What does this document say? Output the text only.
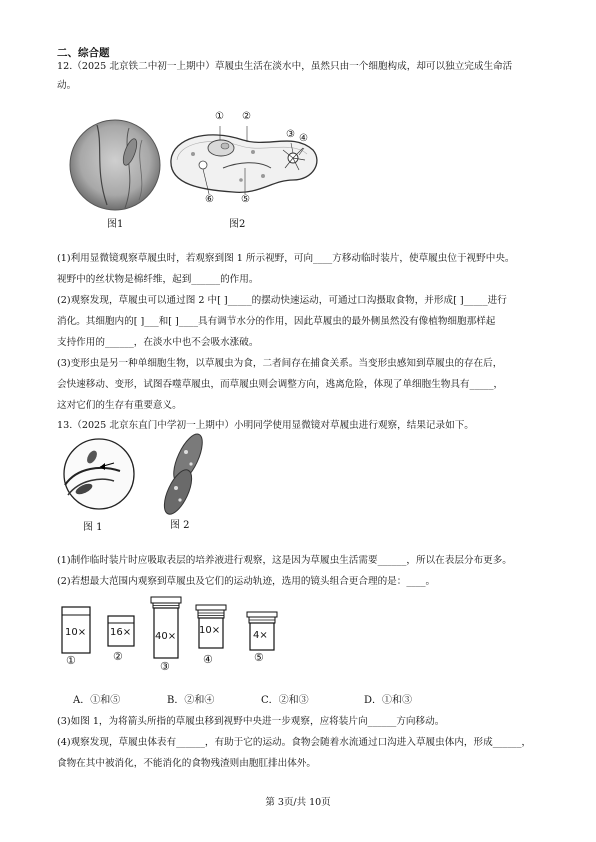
二、综合题
12.（2025 北京铁二中初一上期中）草履虫生活在淡水中，虽然只由一个细胞构成，却可以独立完成生命活
动。
图1
① ②
③ ④
⑤
⑥
图2
(1)利用显微镜观察草履虫时，若观察到图 1 所示视野，可向____方移动临时装片，使草履虫位于视野中央。
视野中的丝状物是棉纤维，起到______的作用。
(2)观察发现，草履虫可以通过图 2 中[ ]_____的摆动快速运动，可通过口沟摄取食物，并形成[ ]_____进行
消化。其细胞内的[ ]___和[ ]____具有调节水分的作用，因此草履虫的最外侧虽然没有像植物细胞那样起
支持作用的______，在淡水中也不会吸水涨破。
(3)变形虫是另一种单细胞生物，以草履虫为食，二者间存在捕食关系。当变形虫感知到草履虫的存在后，
会快速移动、变形，试图吞噬草履虫，而草履虫则会调整方向，逃离危险，体现了单细胞生物具有_____，
这对它们的生存有重要意义。
13.（2025 北京东直门中学初一上期中）小明同学使用显微镜对草履虫进行观察，结果记录如下。
图 1	图 2
(1)制作临时装片时应吸取表层的培养液进行观察，这是因为草履虫生活需要______，所以在表层分布更多。
(2)若想最大范围内观察到草履虫及它们的运动轨迹，选用的镜头组合更合理的是：____。
10×
①
16×
②
40×
③
10×
④
4×
⑤
A．①和⑤	B．②和④	C．②和③	D．①和③
(3)如图 1，为将箭头所指的草履虫移到视野中央进一步观察，应将装片向______方向移动。
(4)观察发现，草履虫体表有______，有助于它的运动。食物会随着水流通过口沟进入草履虫体内，形成______，
食物在其中被消化，不能消化的食物残渣则由胞肛排出体外。
第 3页/共 10页
